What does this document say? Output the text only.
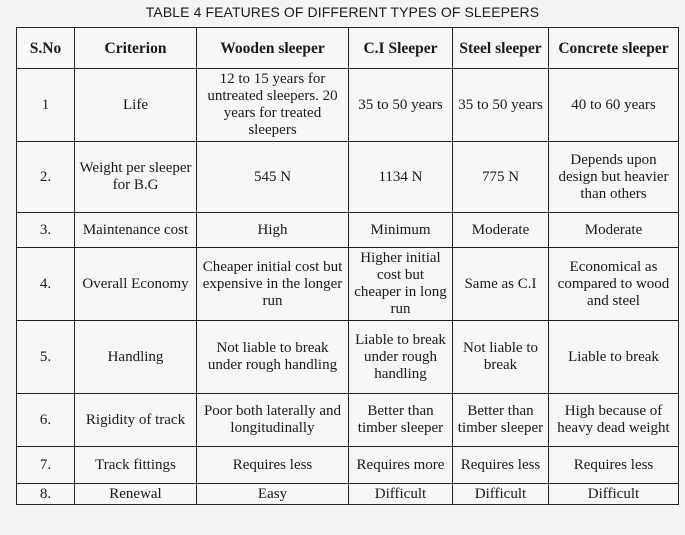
TABLE 4 FEATURES OF DIFFERENT TYPES OF SLEEPERS
S.No	Criterion	Wooden sleeper	C.I Sleeper	Steel sleeper	Concrete sleeper
1	Life	12 to 15 years for untreated sleepers. 20 years for treated sleepers	35 to 50 years	35 to 50 years	40 to 60 years
2.	Weight per sleeper for B.G	545 N	1134 N	775 N	Depends upon design but heavier than others
3.	Maintenance cost	High	Minimum	Moderate	Moderate
4.	Overall Economy	Cheaper initial cost but expensive in the longer run	Higher initial cost but cheaper in long run	Same as C.I	Economical as compared to wood and steel
5.	Handling	Not liable to break under rough handling	Liable to break under rough handling	Not liable to break	Liable to break
6.	Rigidity of track	Poor both laterally and longitudinally	Better than timber sleeper	Better than timber sleeper	High because of heavy dead weight
7.	Track fittings	Requires less	Requires more	Requires less	Requires less
8.	Renewal	Easy	Difficult	Difficult	Difficult
